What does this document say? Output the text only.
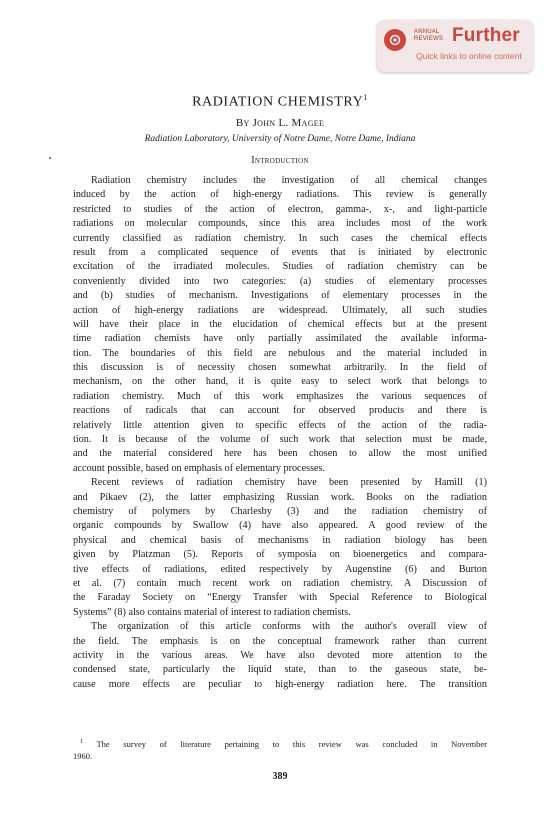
ANNUAL
REVIEWS Further
Quick links to online content
RADIATION CHEMISTRY$^1$
By John L. Magee
Radiation Laboratory, University of Notre Dame, Notre Dame, Indiana
Introduction
Radiation chemistry includes the investigation of all chemical changes
induced by the action of high-energy radiations. This review is generally
restricted to studies of the action of electron, gamma-, x-, and light-particle
radiations on molecular compounds, since this area includes most of the work
currently classified as radiation chemistry. In such cases the chemical effects
result from a complicated sequence of events that is initiated by electronic
excitation of the irradiated molecules. Studies of radiation chemistry can be
conveniently divided into two categories: (a) studies of elementary processes
and (b) studies of mechanism. Investigations of elementary processes in the
action of high-energy radiations are widespread. Ultimately, all such studies
will have their place in the elucidation of chemical effects but at the present
time radiation chemists have only partially assimilated the available informa-
tion. The boundaries of this field are nebulous and the material included in
this discussion is of necessity chosen somewhat arbitrarily. In the field of
mechanism, on the other hand, it is quite easy to select work that belongs to
radiation chemistry. Much of this work emphasizes the various sequences of
reactions of radicals that can account for observed products and there is
relatively little attention given to specific effects of the action of the radia-
tion. It is because of the volume of such work that selection must be made,
and the material considered here has been chosen to allow the most unified
account possible, based on emphasis of elementary processes.
Recent reviews of radiation chemistry have been presented by Hamill (1)
and Pikaev (2), the latter emphasizing Russian work. Books on the radiation
chemistry of polymers by Charlesby (3) and the radiation chemistry of
organic compounds by Swallow (4) have also appeared. A good review of the
physical and chemical basis of mechanisms in radiation biology has been
given by Platzman (5). Reports of symposia on bioenergetics and compara-
tive effects of radiations, edited respectively by Augenstine (6) and Burton
et al. (7) contain much recent work on radiation chemistry. A Discussion of
the Faraday Society on “Energy Transfer with Special Reference to Biological
Systems” (8) also contains material of interest to radiation chemists.
The organization of this article conforms with the author's overall view of
the field. The emphasis is on the conceptual framework rather than current
activity in the various areas. We have also devoted more attention to the
condensed state, particularly the liquid state, than to the gaseous state, be-
cause more effects are peculiar to high-energy radiation here. The transition
$^1$ The survey of literature pertaining to this review was concluded in November
1960.
389
